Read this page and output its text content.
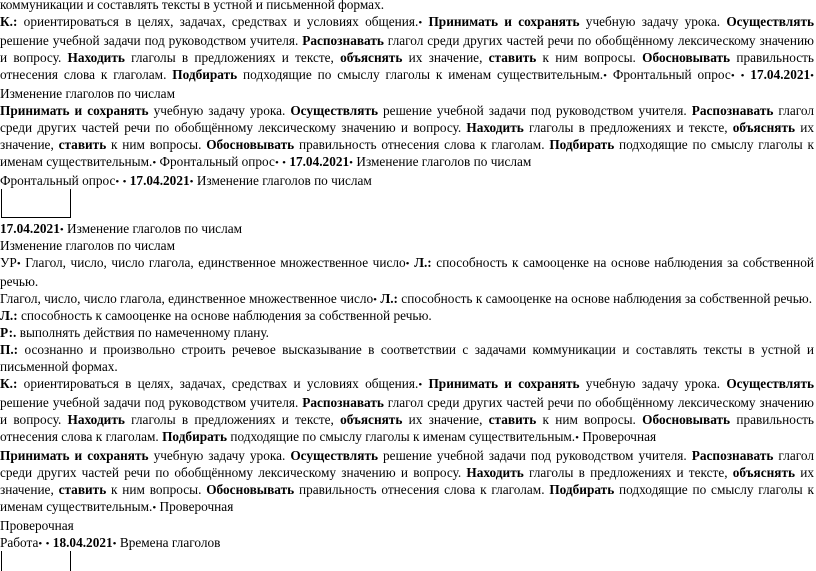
коммуникации и составлять тексты в устной и письменной формах.

К.: ориентироваться в целях, задачах, средствах и условиях общения.• Принимать и сохранять учебную задачу урока. Осуществлять решение учебной задачи под руководством учителя. Распознавать глагол среди других частей речи по обобщённому лексическому значению и вопросу. Находить глаголы в предложениях и тексте, объяснять их значение, ставить к ним вопросы. Обосновывать правильность отнесения слова к глаголам. Подбирать подходящие по смыслу глаголы к именам существительным.• Фронтальный опрос• • 17.04.2021• Изменение глаголов по числам

Принимать и сохранять учебную задачу урока. Осуществлять решение учебной задачи под руководством учителя. Распознавать глагол среди других частей речи по обобщённому лексическому значению и вопросу. Находить глаголы в предложениях и тексте, объяснять их значение, ставить к ним вопросы. Обосновывать правильность отнесения слова к глаголам. Подбирать подходящие по смыслу глаголы к именам существительным.• Фронтальный опрос• • 17.04.2021• Изменение глаголов по числам

Фронтальный опрос• • 17.04.2021• Изменение глаголов по числам
17.04.2021• Изменение глаголов по числам
Изменение глаголов по числам

УР• Глагол, число, число глагола, единственное множественное число• Л.: способность к самооценке на основе наблюдения за собственной речью.

Глагол, число, число глагола, единственное множественное число• Л.: способность к самооценке на основе наблюдения за собственной речью.
Л.: способность к самооценке на основе наблюдения за собственной речью.
Р:. выполнять действия по намеченному плану.

П.: осознанно и произвольно строить речевое высказывание в соответствии с задачами коммуникации и составлять тексты в устной и письменной формах.

К.: ориентироваться в целях, задачах, средствах и условиях общения.• Принимать и сохранять учебную задачу урока. Осуществлять решение учебной задачи под руководством учителя. Распознавать глагол среди других частей речи по обобщённому лексическому значению и вопросу. Находить глаголы в предложениях и тексте, объяснять их значение, ставить к ним вопросы. Обосновывать правильность отнесения слова к глаголам. Подбирать подходящие по смыслу глаголы к именам существительным.• Проверочная

Принимать и сохранять учебную задачу урока. Осуществлять решение учебной задачи под руководством учителя. Распознавать глагол среди других частей речи по обобщённому лексическому значению и вопросу. Находить глаголы в предложениях и тексте, объяснять их значение, ставить к ним вопросы. Обосновывать правильность отнесения слова к глаголам. Подбирать подходящие по смыслу глаголы к именам существительным.• Проверочная

Проверочная
Работа• • 18.04.2021• Времена глаголов
